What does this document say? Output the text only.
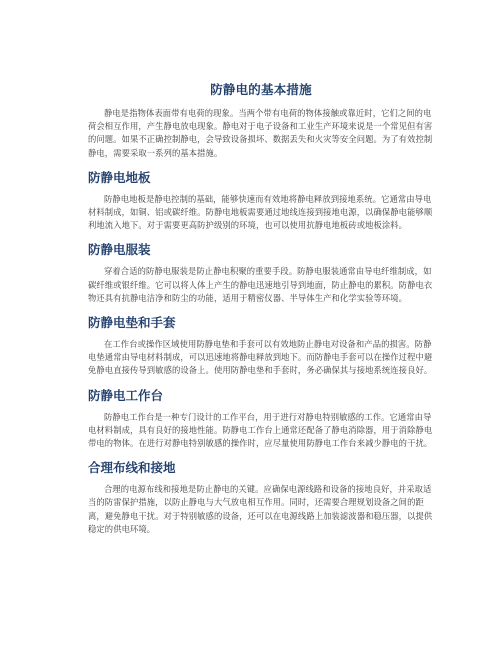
防静电的基本措施

静电是指物体表面带有电荷的现象。当两个带有电荷的物体接触或靠近时，它们之间的电荷会相互作用，产生静电放电现象。静电对于电子设备和工业生产环境来说是一个常见但有害的问题。如果不正确控制静电，会导致设备损坏、数据丢失和火灾等安全问题。为了有效控制静电，需要采取一系列的基本措施。

防静电地板

防静电地板是静电控制的基础，能够快速而有效地将静电释放到接地系统。它通常由导电材料制成，如铜、铝或碳纤维。防静电地板需要通过地线连接到接地电源，以确保静电能够顺利地流入地下。对于需要更高防护级别的环境，也可以使用抗静电地板砖或地板涂料。

防静电服装

穿着合适的防静电服装是防止静电积聚的重要手段。防静电服装通常由导电纤维制成，如碳纤维或银纤维。它可以将人体上产生的静电迅速地引导到地面，防止静电的累积。防静电衣物还具有抗静电洁净和防尘的功能，适用于精密仪器、半导体生产和化学实验等环境。

防静电垫和手套

在工作台或操作区域使用防静电垫和手套可以有效地防止静电对设备和产品的损害。防静电垫通常由导电材料制成，可以迅速地将静电释放到地下。而防静电手套可以在操作过程中避免静电直接传导到敏感的设备上。使用防静电垫和手套时，务必确保其与接地系统连接良好。

防静电工作台

防静电工作台是一种专门设计的工作平台，用于进行对静电特别敏感的工作。它通常由导电材料制成，具有良好的接地性能。防静电工作台上通常还配备了静电消除器，用于消除静电带电的物体。在进行对静电特别敏感的操作时，应尽量使用防静电工作台来减少静电的干扰。

合理布线和接地

合理的电源布线和接地是防止静电的关键。应确保电源线路和设备的接地良好，并采取适当的防雷保护措施，以防止静电与大气放电相互作用。同时，还需要合理规划设备之间的距离，避免静电干扰。对于特别敏感的设备，还可以在电源线路上加装滤波器和稳压器，以提供稳定的供电环境。
